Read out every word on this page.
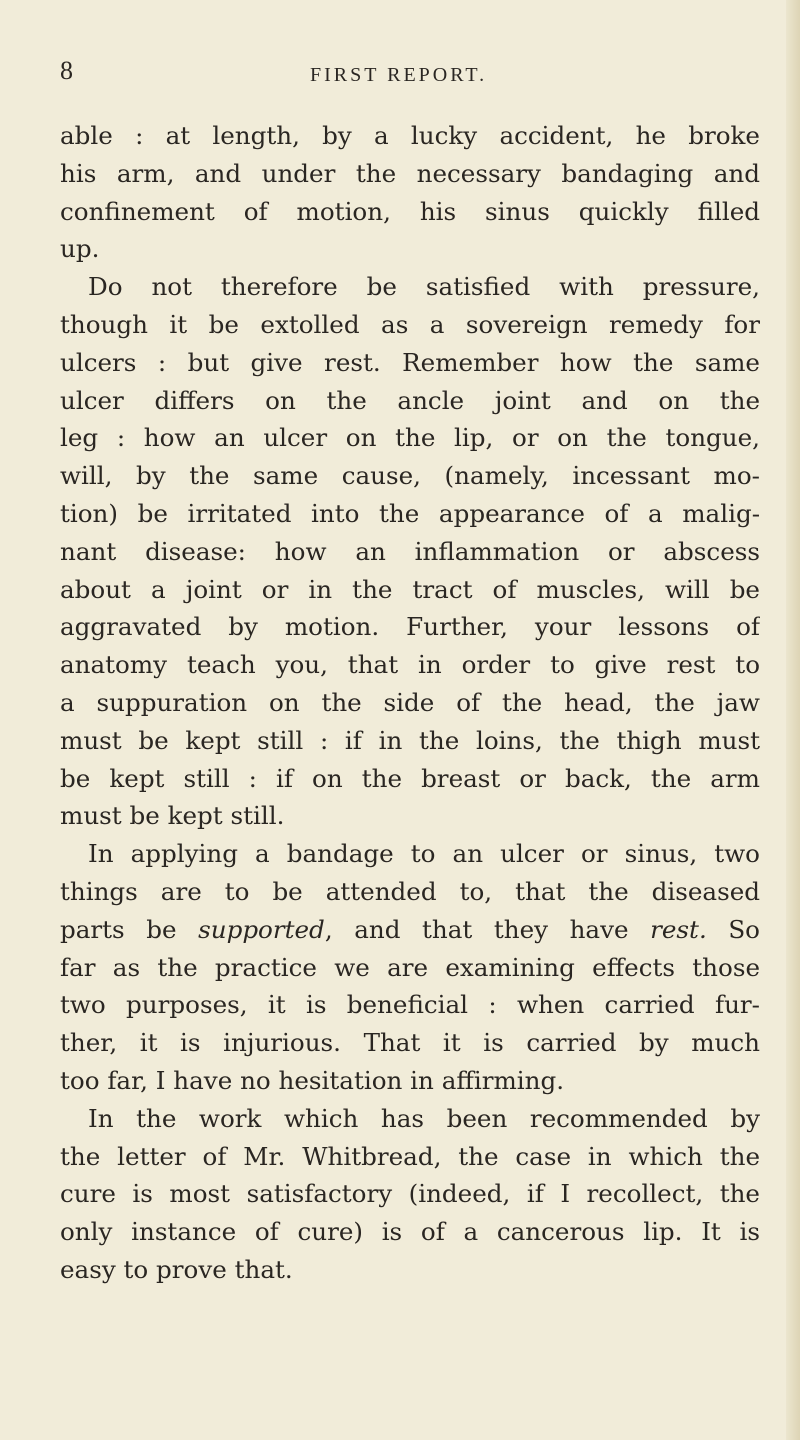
8	FIRST REPORT.
able : at length, by a lucky accident, he broke
his arm, and under the necessary bandaging and
confinement of motion, his sinus quickly filled
up.
Do not therefore be satisfied with pressure,
though it be extolled as a sovereign remedy for
ulcers : but give rest. Remember how the same
ulcer differs on the ancle joint and on the
leg : how an ulcer on the lip, or on the tongue,
will, by the same cause, (namely, incessant mo-
tion) be irritated into the appearance of a malig-
nant disease: how an inflammation or abscess
about a joint or in the tract of muscles, will be
aggravated by motion. Further, your lessons of
anatomy teach you, that in order to give rest to
a suppuration on the side of the head, the jaw
must be kept still : if in the loins, the thigh must
be kept still : if on the breast or back, the arm
must be kept still.
In applying a bandage to an ulcer or sinus, two
things are to be attended to, that the diseased
parts be supported, and that they have rest. So
far as the practice we are examining effects those
two purposes, it is beneficial : when carried fur-
ther, it is injurious. That it is carried by much
too far, I have no hesitation in affirming.
In the work which has been recommended by
the letter of Mr. Whitbread, the case in which the
cure is most satisfactory (indeed, if I recollect, the
only instance of cure) is of a cancerous lip. It is
easy to prove that.
